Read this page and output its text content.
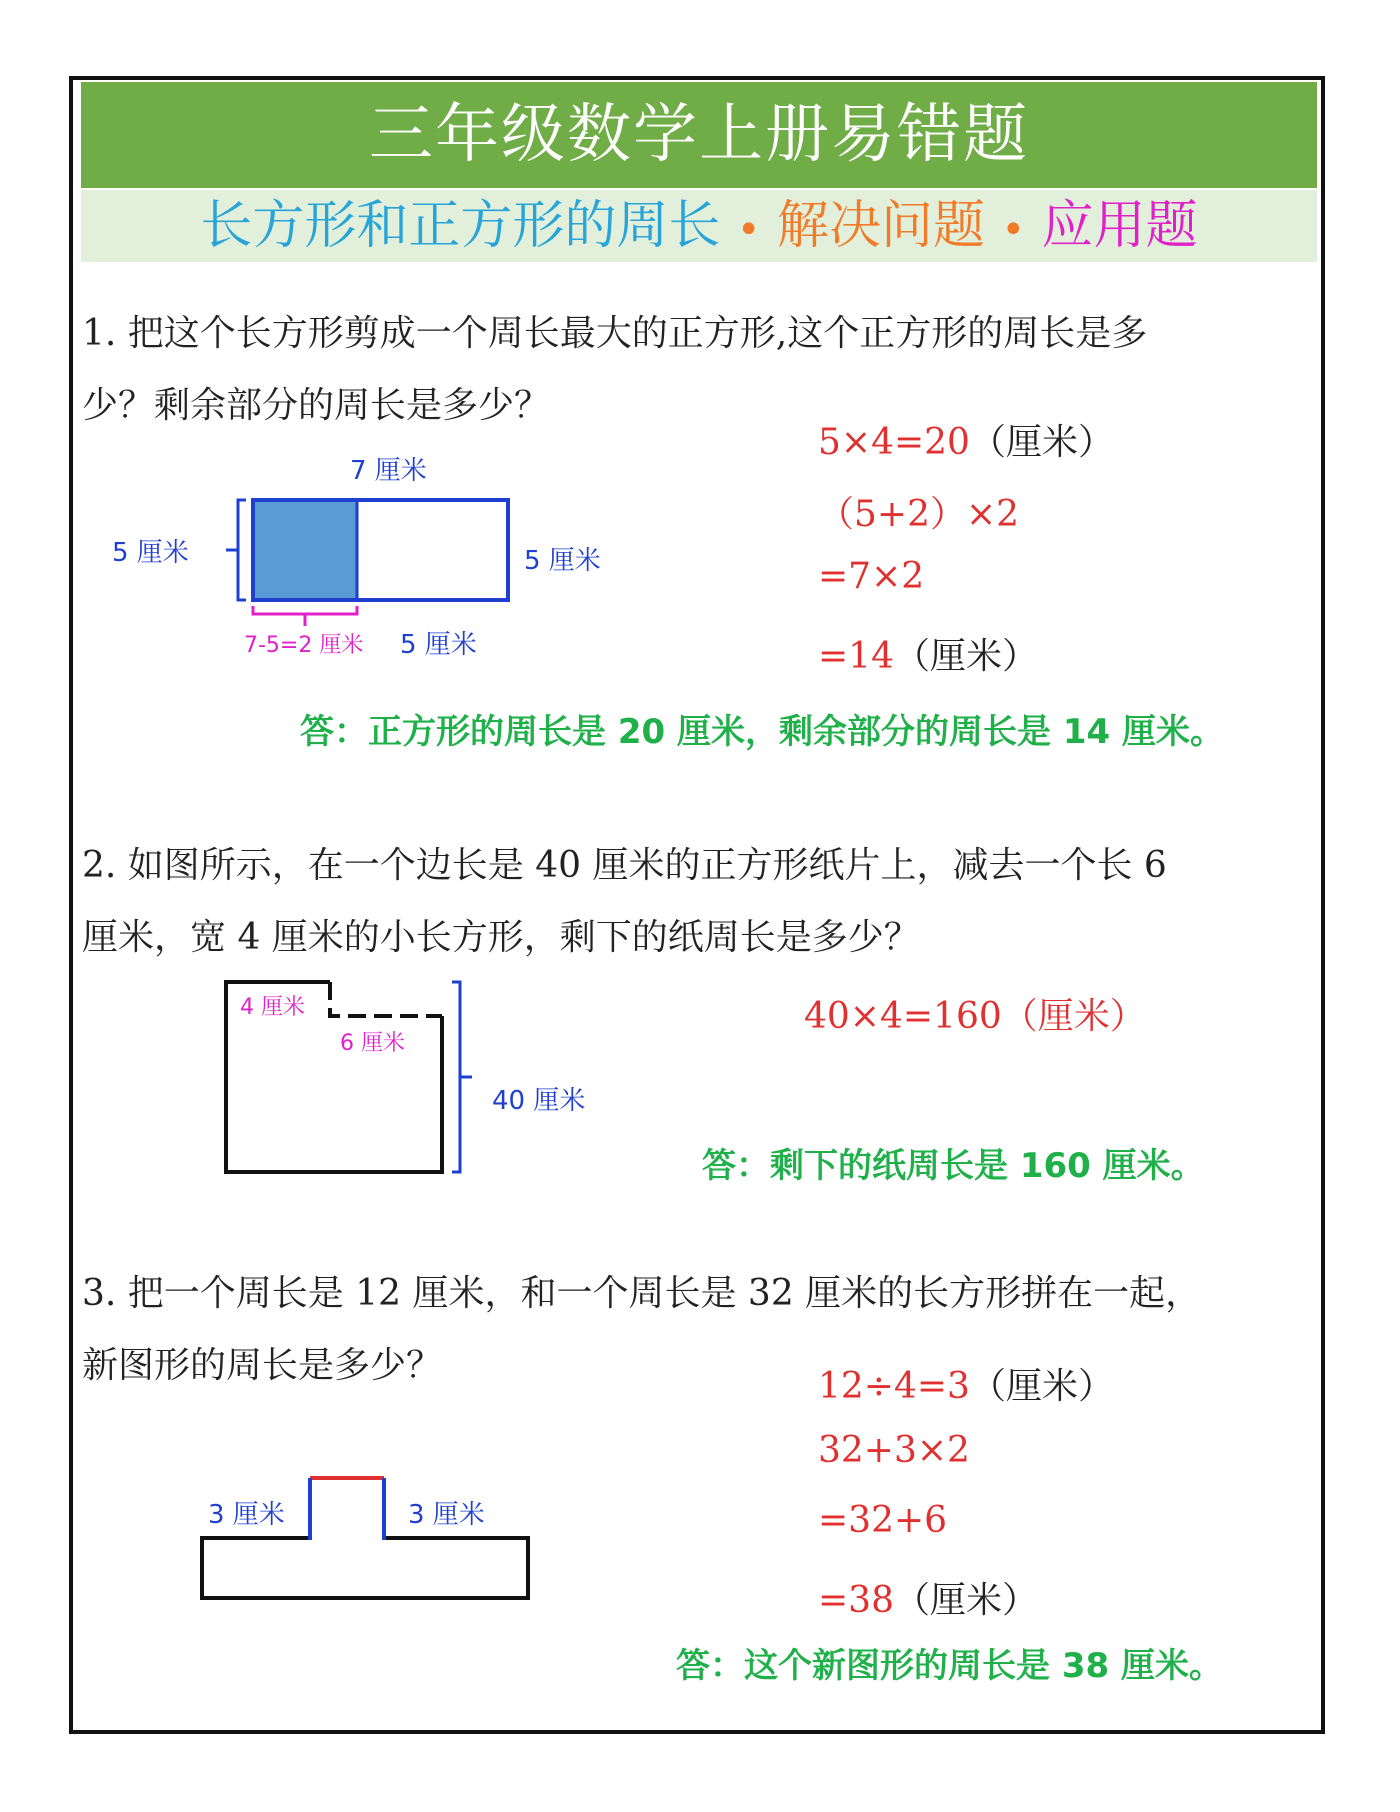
三年级数学上册易错题
长方形和正方形的周长 • 解决问题 • 应用题
1. 把这个长方形剪成一个周长最大的正方形,这个正方形的周长是多
少？剩余部分的周长是多少？
7 厘米
5 厘米	5 厘米
7-5=2 厘米 5 厘米
5×4=20（厘米）
（5+2）×2
=7×2
=14（厘米）
答：正方形的周长是 20 厘米，剩余部分的周长是 14 厘米。
2. 如图所示，在一个边长是 40 厘米的正方形纸片上，减去一个长 6
厘米，宽 4 厘米的小长方形，剩下的纸周长是多少？
4 厘米
6 厘米
40 厘米
40×4=160（厘米）
答：剩下的纸周长是 160 厘米。
3. 把一个周长是 12 厘米，和一个周长是 32 厘米的长方形拼在一起，
新图形的周长是多少？
3 厘米	3 厘米
12÷4=3（厘米）
32+3×2
=32+6
=38（厘米）
答：这个新图形的周长是 38 厘米。
